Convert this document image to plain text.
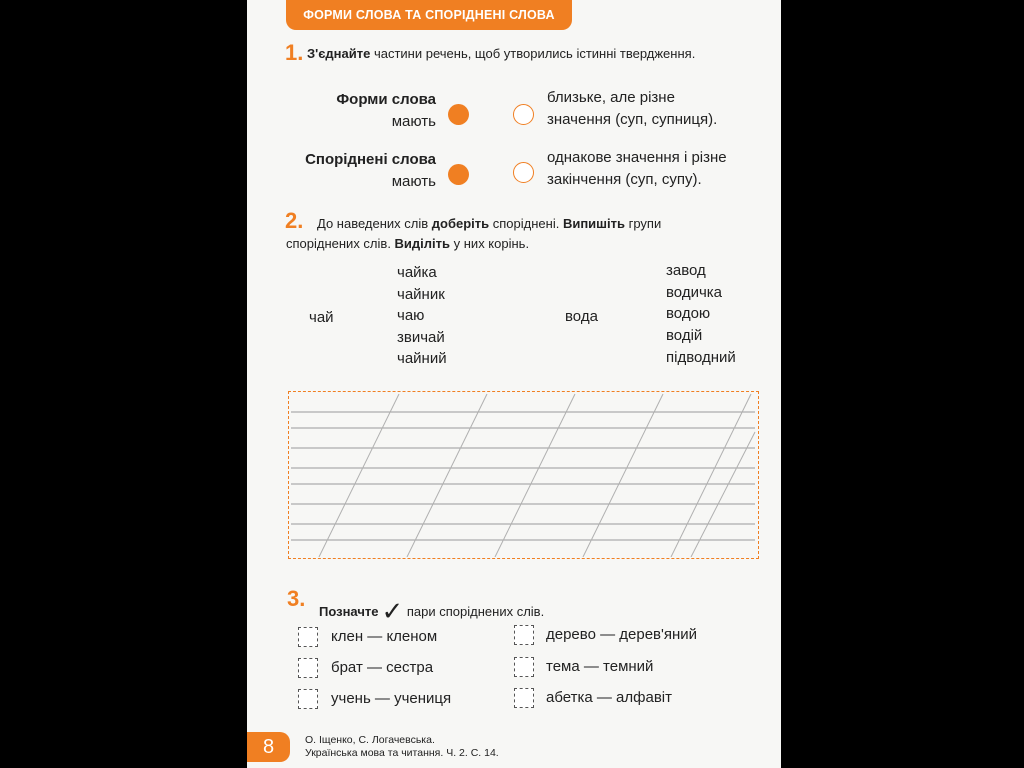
ФОРМИ СЛОВА ТА СПОРІДНЕНІ СЛОВА
1. З'єднайте частини речень, щоб утворились істинні твердження.
Форми слова
мають
близьке, але різне
значення (суп, супниця).
Споріднені слова
мають
однакове значення і різне
закінчення (суп, супу).
2. До наведених слів доберіть споріднені. Випишіть групи
споріднених слів. Виділіть у них корінь.
чай
чайка
чайник
чаю
звичай
чайний
вода
завод
водичка
водою
водій
підводний
3.
Позначте ✓ пари споріднених слів.
клен — кленом
брат — сестра
учень — учениця
дерево — дерев'яний
тема — темний
абетка — алфавіт
8	О. Іщенко, С. Логачевська.
Українська мова та читання. Ч. 2. С. 14.
